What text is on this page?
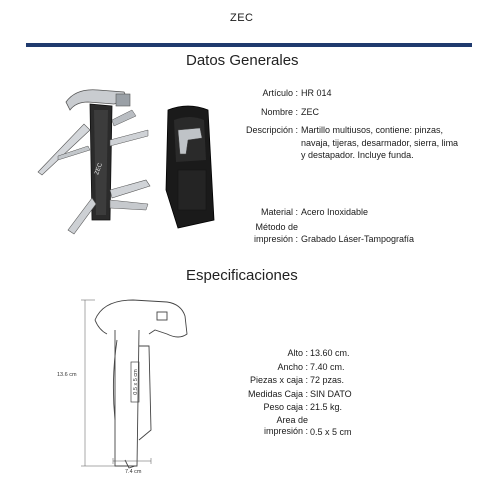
ZEC
Datos Generales
ZEC
Artículo : HR 014
Nombre : ZEC
Descripción : Martillo multiusos, contiene: pinzas, navaja, tijeras, desarmador, sierra, lima y destapador. Incluye funda.
Material : Acero Inoxidable
Método de
impresión : Grabado Láser-Tampografía
Especificaciones
0.5 x 5 cm
13.6 cm
7.4 cm
Alto : 13.60 cm.
Ancho : 7.40 cm.
Piezas x caja : 72 pzas.
Medidas Caja : SIN DATO
Peso caja : 21.5 kg.
Area de
impresión : 0.5 x 5 cm
